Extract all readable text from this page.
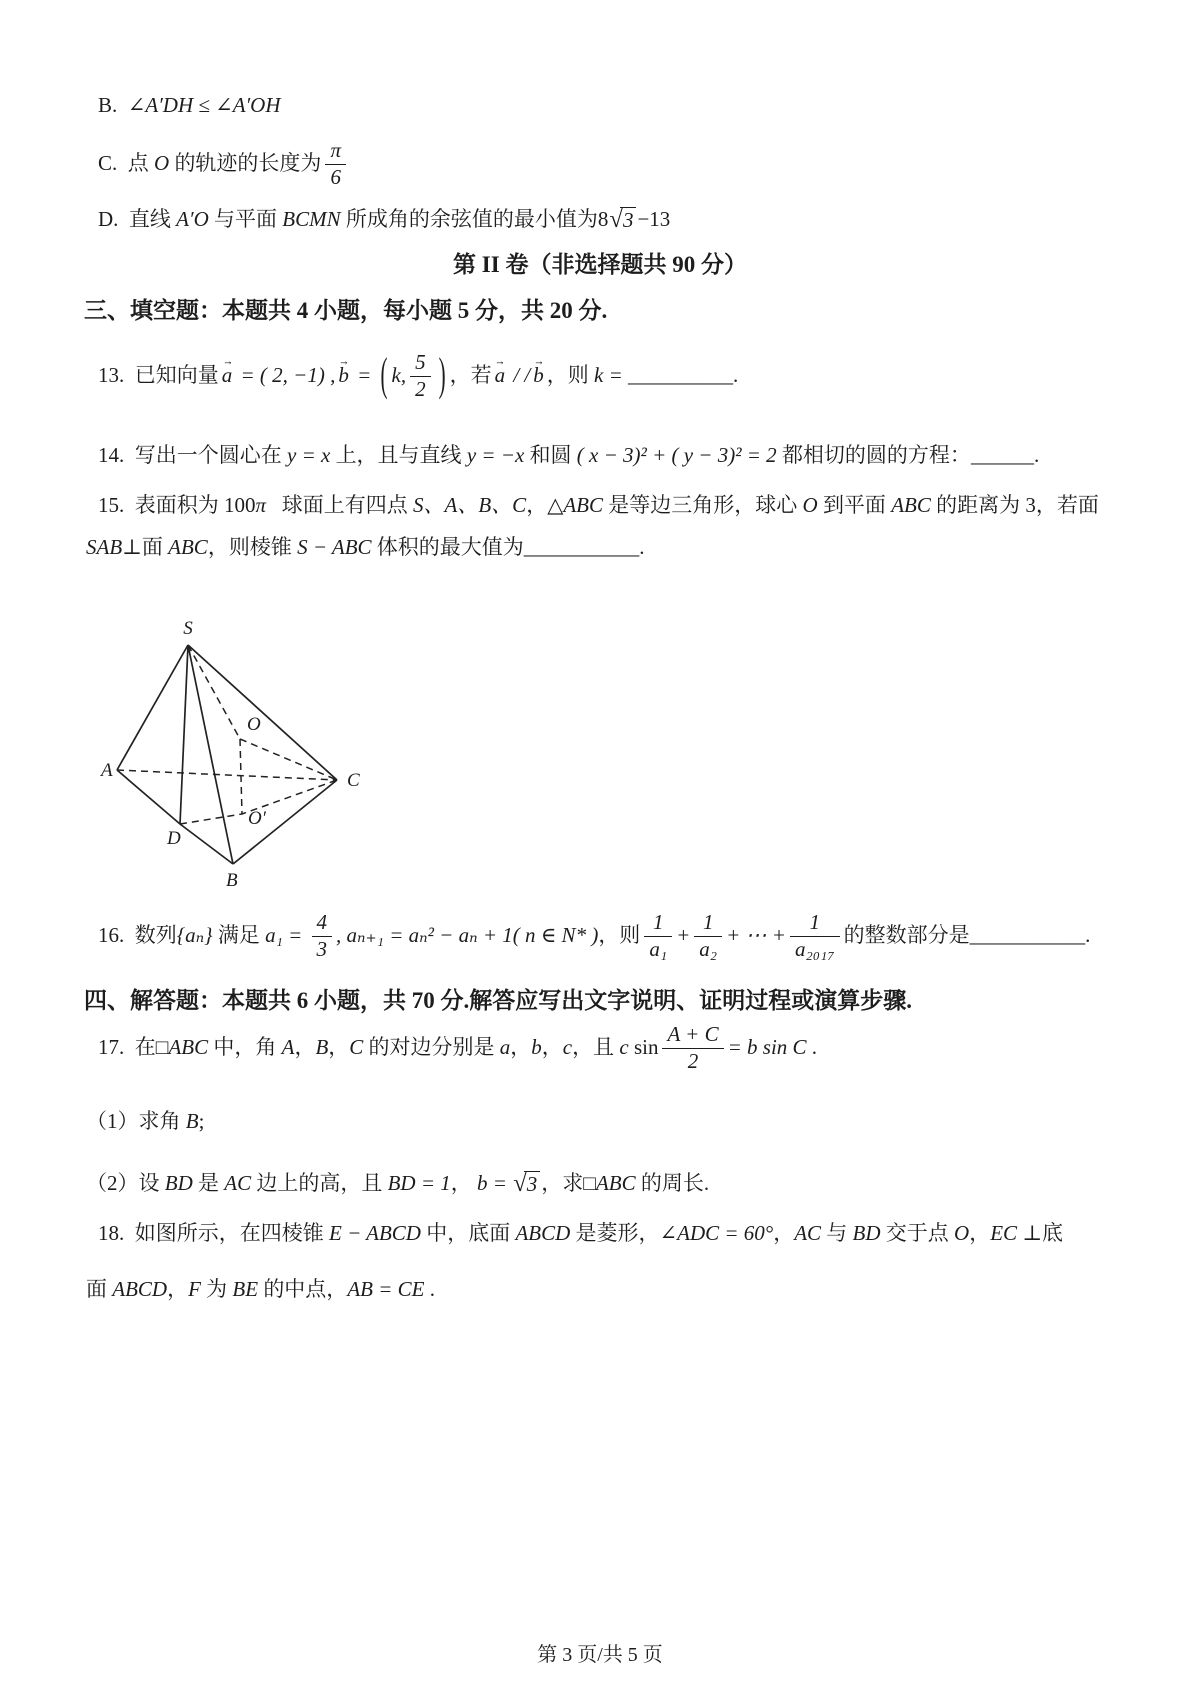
B. ∠A′DH ≤ ∠A′OH
C. 点 O 的轨迹的长度为 $\frac{\pi}{6}$
D. 直线 A′O 与平面 BCMN 所成角的余弦值的最小值为 8 √ 3 −13
第 II 卷（非选择题共 90 分）
三、填空题：本题共 4 小题，每小题 5 分，共 20 分.
13. 已知向量
→
a = ( 2, −1) ,
→
b = ( k, $\frac{5}{2}$ ) ，若
→
a / /
→
b ，则 k = __________ .
14. 写出一个圆心在 y = x 上，且与直线 y = −x 和圆 ( x − 3)² + ( y − 3)² = 2 都相切的圆的方程： ______ .
15. 表面积为 100 π 球面上有四点 S、A、B、C ， △ABC 是等边三角形，球心 O 到平面 ABC 的距离为 3，若面
SAB ⊥面 ABC ，则棱锥 S − ABC 体积的最大值为 ___________ .
S
A
B
C
D
O
O′
16. 数列 {aₙ} 满足 $a_1 = \frac{4}{3}$ , aₙ₊₁ = aₙ² − aₙ + 1( n ∈ N* ) ，则 $\frac{1}{\text{a₁}} + \frac{1}{\text{a₂}}$ + ⋯ + $\frac{1}{\text{a₂₀₁₇}}$ 的整数部分是 ___________ .
四、解答题：本题共 6 小题，共 70 分.解答应写出文字说明、证明过程或演算步骤.
17. 在 □ ABC 中，角 A ， B ， C 的对边分别是 a ， b ， c ，且 c $\sin \frac{A + C}{2} = b$ sin C .
（1）求角 B ;
（2）设 BD 是 AC 边上的高，且 BD = 1 ， b = √ 3 ，求 □ ABC 的周长.
18. 如图所示，在四棱锥 E − ABCD 中，底面 ABCD 是菱形， ∠ADC = 60° ， AC 与 BD 交于点 O ， EC ⊥底
面 ABCD ， F 为 BE 的中点， AB = CE .
第 3 页/共 5 页
